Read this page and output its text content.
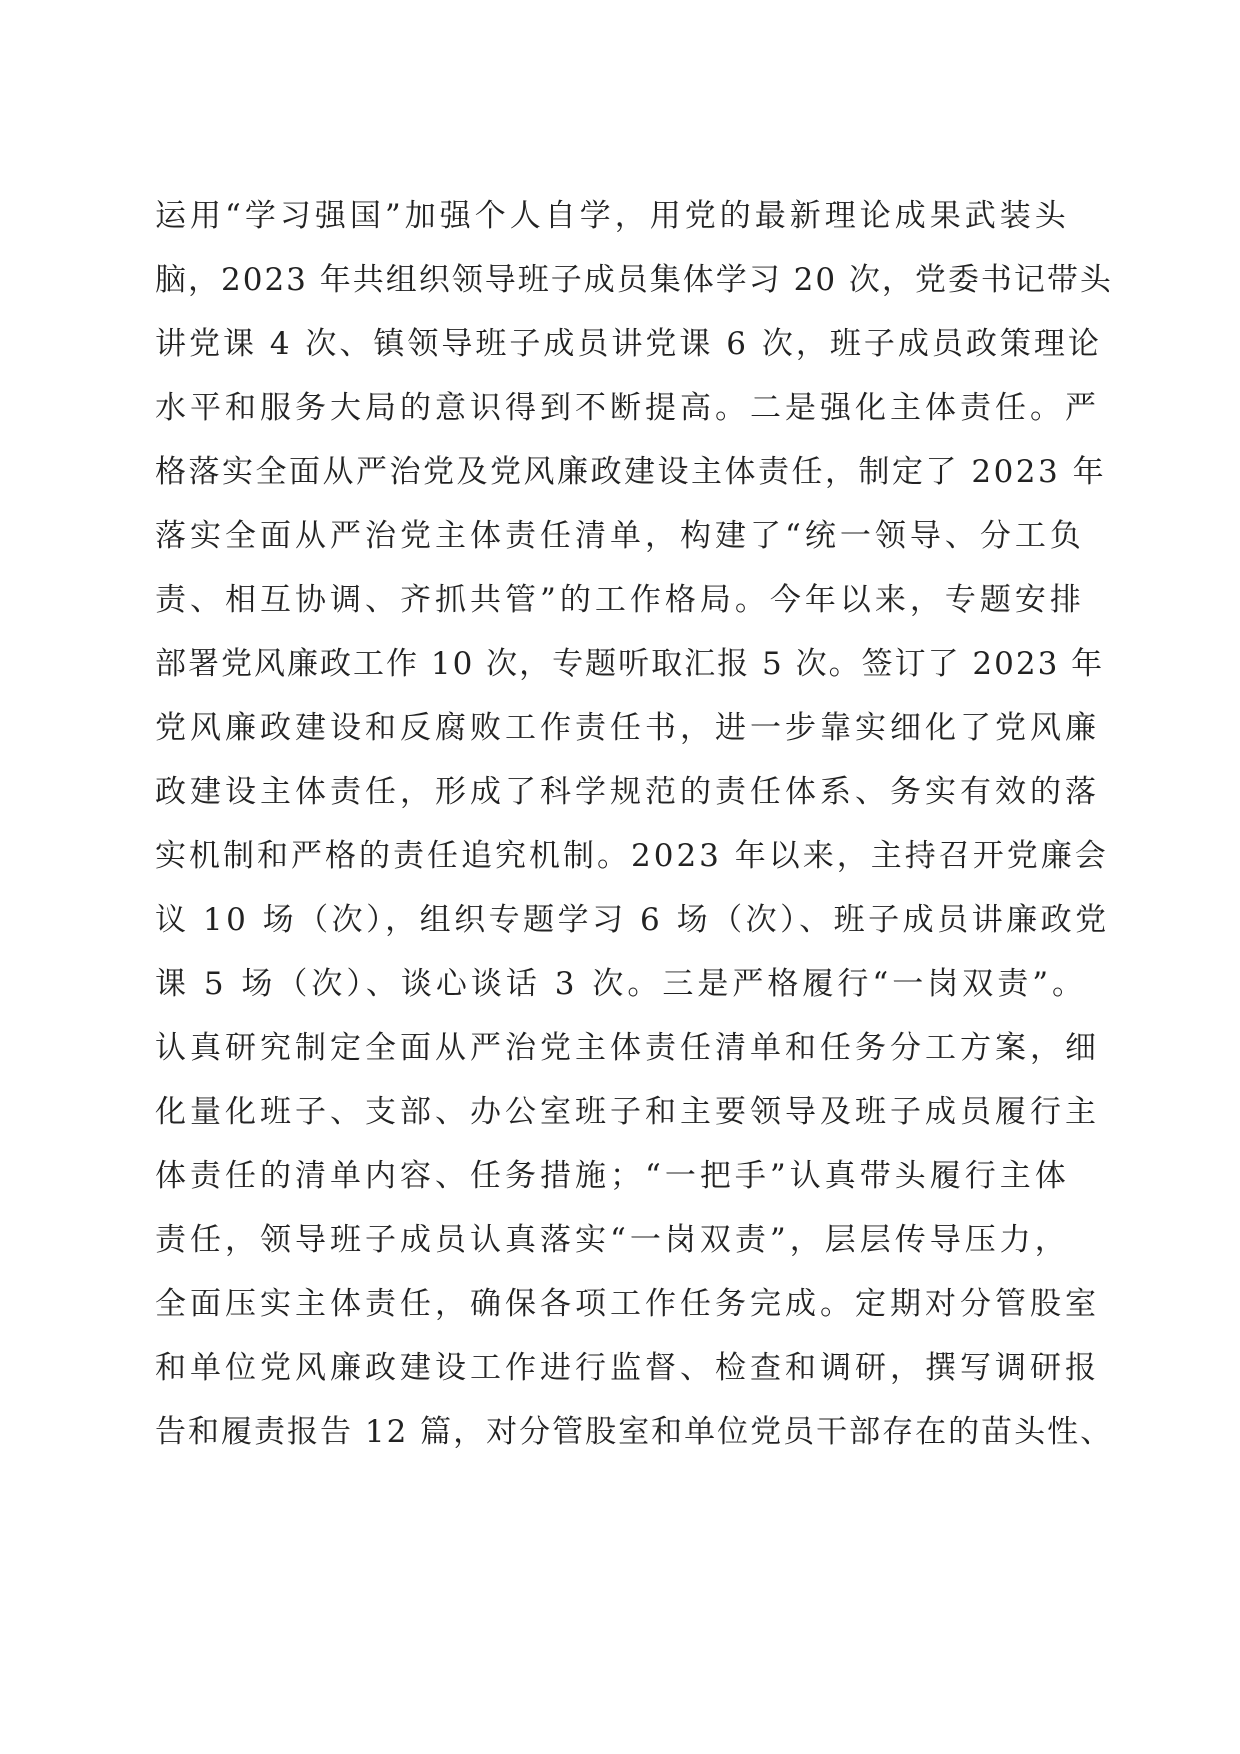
运用“学习强国”加强个人自学，用党的最新理论成果武装头
脑，2023 年共组织领导班子成员集体学习 20 次，党委书记带头
讲党课 4 次、镇领导班子成员讲党课 6 次，班子成员政策理论
水平和服务大局的意识得到不断提高。二是强化主体责任。严
格落实全面从严治党及党风廉政建设主体责任，制定了 2023 年
落实全面从严治党主体责任清单，构建了“统一领导、分工负
责、相互协调、齐抓共管”的工作格局。今年以来，专题安排
部署党风廉政工作 10 次，专题听取汇报 5 次。签订了 2023 年
党风廉政建设和反腐败工作责任书，进一步靠实细化了党风廉
政建设主体责任，形成了科学规范的责任体系、务实有效的落
实机制和严格的责任追究机制。2023 年以来，主持召开党廉会
议 10 场（次），组织专题学习 6 场（次）、班子成员讲廉政党
课 5 场（次）、谈心谈话 3 次。三是严格履行“一岗双责”。
认真研究制定全面从严治党主体责任清单和任务分工方案，细
化量化班子、支部、办公室班子和主要领导及班子成员履行主
体责任的清单内容、任务措施；“一把手”认真带头履行主体
责任，领导班子成员认真落实“一岗双责”，层层传导压力，
全面压实主体责任，确保各项工作任务完成。定期对分管股室
和单位党风廉政建设工作进行监督、检查和调研，撰写调研报
告和履责报告 12 篇，对分管股室和单位党员干部存在的苗头性、
